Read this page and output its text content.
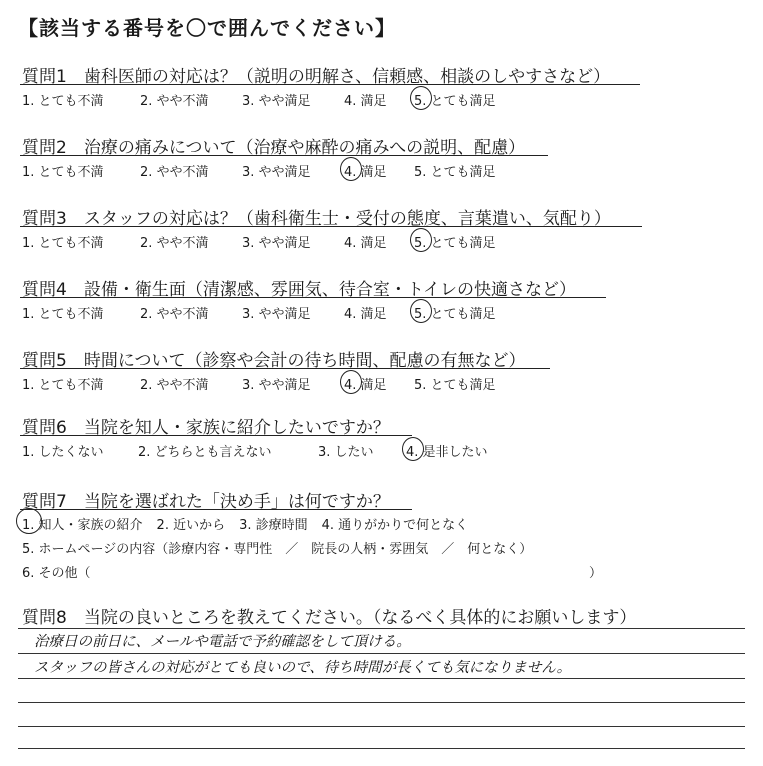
【該当する番号を〇で囲んでください】
質問1　歯科医師の対応は？（説明の明解さ、信頼感、相談のしやすさなど）
1. とても不満	2. やや不満	3. やや満足	4. 満足 5. とても満足
質問2　治療の痛みについて（治療や麻酔の痛みへの説明、配慮）
1. とても不満	2. やや不満	3. やや満足	4. 満足 5. とても満足
質問3　スタッフの対応は？（歯科衛生士・受付の態度、言葉遣い、気配り）
1. とても不満	2. やや不満	3. やや満足	4. 満足 5. とても満足
質問4　設備・衛生面（清潔感、雰囲気、待合室・トイレの快適さなど）
1. とても不満	2. やや不満	3. やや満足	4. 満足 5. とても満足
質問5　時間について（診察や会計の待ち時間、配慮の有無など）
1. とても不満	2. やや不満	3. やや満足	4. 満足 5. とても満足
質問6　当院を知人・家族に紹介したいですか？
1. したくない	2. どちらとも言えない	3. したい 4. 是非したい
質問7　当院を選ばれた「決め手」は何ですか？
1. 知人・家族の紹介 2. 近いから 3. 診療時間 4. 通りがかりで何となく
5. ホームページの内容（診療内容・専門性　／　院長の人柄・雰囲気　／　何となく）
6. その他（	）
質問8　当院の良いところを教えてください。（なるべく具体的にお願いします）
治療日の前日に、メールや電話で予約確認をして頂ける。
スタッフの皆さんの対応がとても良いので、待ち時間が長くても気になりません。
